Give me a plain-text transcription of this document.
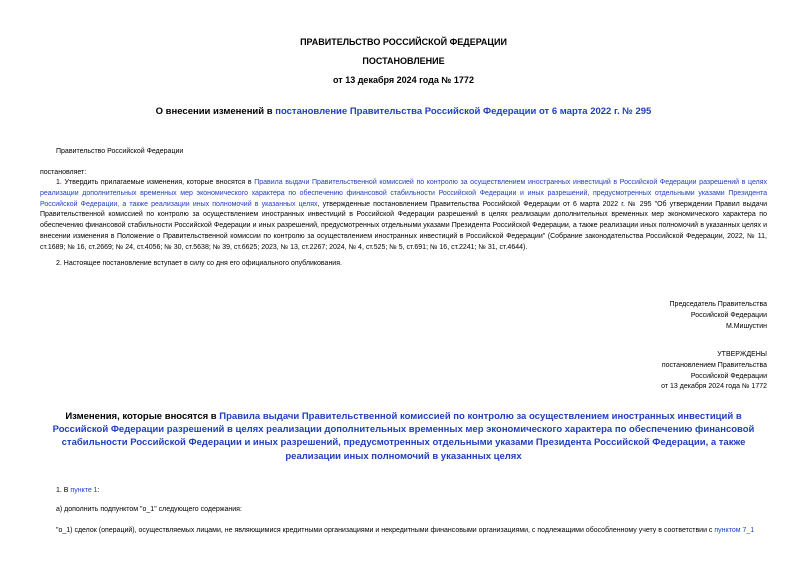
ПРАВИТЕЛЬСТВО РОССИЙСКОЙ ФЕДЕРАЦИИ
ПОСТАНОВЛЕНИЕ
от 13 декабря 2024 года № 1772
О внесении изменений в постановление Правительства Российской Федерации от 6 марта 2022 г. № 295
Правительство Российской Федерации
постановляет:
1. Утвердить прилагаемые изменения, которые вносятся в Правила выдачи Правительственной комиссией по контролю за осуществлением иностранных инвестиций в Российской Федерации разрешений в целях реализации дополнительных временных мер экономического характера по обеспечению финансовой стабильности Российской Федерации и иных разрешений, предусмотренных отдельными указами Президента Российской Федерации, а также реализации иных полномочий в указанных целях, утвержденные постановлением Правительства Российской Федерации от 6 марта 2022 г. № 295 "Об утверждении Правил выдачи Правительственной комиссией по контролю за осуществлением иностранных инвестиций в Российской Федерации разрешений в целях реализации дополнительных временных мер экономического характера по обеспечению финансовой стабильности Российской Федерации и иных разрешений, предусмотренных отдельными указами Президента Российской Федерации, а также реализации иных полномочий в указанных целях и внесении изменения в Положение о Правительственной комиссии по контролю за осуществлением иностранных инвестиций в Российской Федерации" (Собрание законодательства Российской Федерации, 2022, № 11, ст.1689; № 16, ст.2669; № 24, ст.4056; № 30, ст.5638; № 39, ст.6625; 2023, № 13, ст.2267; 2024, № 4, ст.525; № 5, ст.691; № 16, ст.2241; № 31, ст.4644).
2. Настоящее постановление вступает в силу со дня его официального опубликования.
Председатель Правительства
Российской Федерации
М.Мишустин
УТВЕРЖДЕНЫ
постановлением Правительства
Российской Федерации
от 13 декабря 2024 года № 1772
Изменения, которые вносятся в Правила выдачи Правительственной комиссией по контролю за осуществлением иностранных инвестиций в Российской Федерации разрешений в целях реализации дополнительных временных мер экономического характера по обеспечению финансовой стабильности Российской Федерации и иных разрешений, предусмотренных отдельными указами Президента Российской Федерации, а также реализации иных полномочий в указанных целях
1. В пункте 1:
а) дополнить подпунктом "о_1" следующего содержания:
"о_1) сделок (операций), осуществляемых лицами, не являющимися кредитными организациями и некредитными финансовыми организациями, с подлежащими обособленному учету в соответствии с пунктом 7_1
